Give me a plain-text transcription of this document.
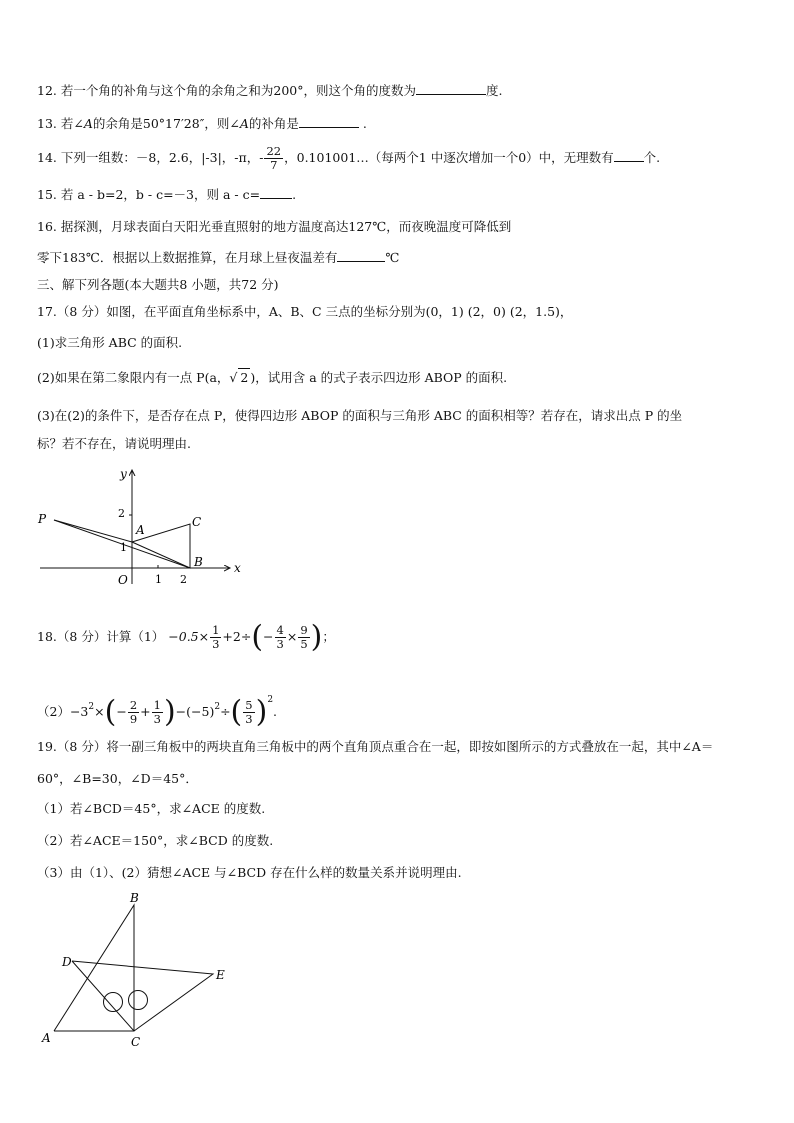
12. 若一个角的补角与这个角的余角之和为200°，则这个角的度数为	度.
13. 若∠A的余角是50°17′28″，则∠A的补角是	.
14. 下列一组数：－8，2.6，|-3|，-π，- $\frac{22}{7}$ ，0.101001…（每两个1 中逐次增加一个0）中，无理数有 个.
15. 若 a - b=2，b - c=－3，则 a - c=	.
16. 据探测，月球表面白天阳光垂直照射的地方温度高达127℃，而夜晚温度可降低到
零下183℃．根据以上数据推算，在月球上昼夜温差有	℃
三、解下列各题(本大题共8 小题，共72 分)
17.（8 分）如图，在平面直角坐标系中，A、B、C 三点的坐标分别为(0，1) (2，0) (2，1.5)，
(1)求三角形 ABC 的面积.
(2)如果在第二象限内有一点 P(a，√ 2 )，试用含 a 的式子表示四边形 ABOP 的面积.
(3)在(2)的条件下，是否存在点 P，使得四边形 ABOP 的面积与三角形 ABC 的面积相等？若存在，请求出点 P 的坐
标？若不存在，请说明理由.
y
x
P
A
C
B
O 1 2
1
2
18.（8 分）计算$(1) -0.5\times \frac{1}{3} +2\div(- \frac{4}{3} \times \frac{9}{5}$ )；
$(2)-3^2\times(- \frac{2}{9} + \frac{1}{3} )-(-5)^2\div( \frac{5}{3} )^2$.
19.（8 分）将一副三角板中的两块直角三角板中的两个直角顶点重合在一起，即按如图所示的方式叠放在一起，其中∠A＝
60°，∠B=30，∠D＝45°．
（1）若∠BCD＝45°，求∠ACE 的度数.
（2）若∠ACE＝150°，求∠BCD 的度数.
（3）由（1）、(2）猜想∠ACE 与∠BCD 存在什么样的数量关系并说明理由.
B
D
E
A	C
